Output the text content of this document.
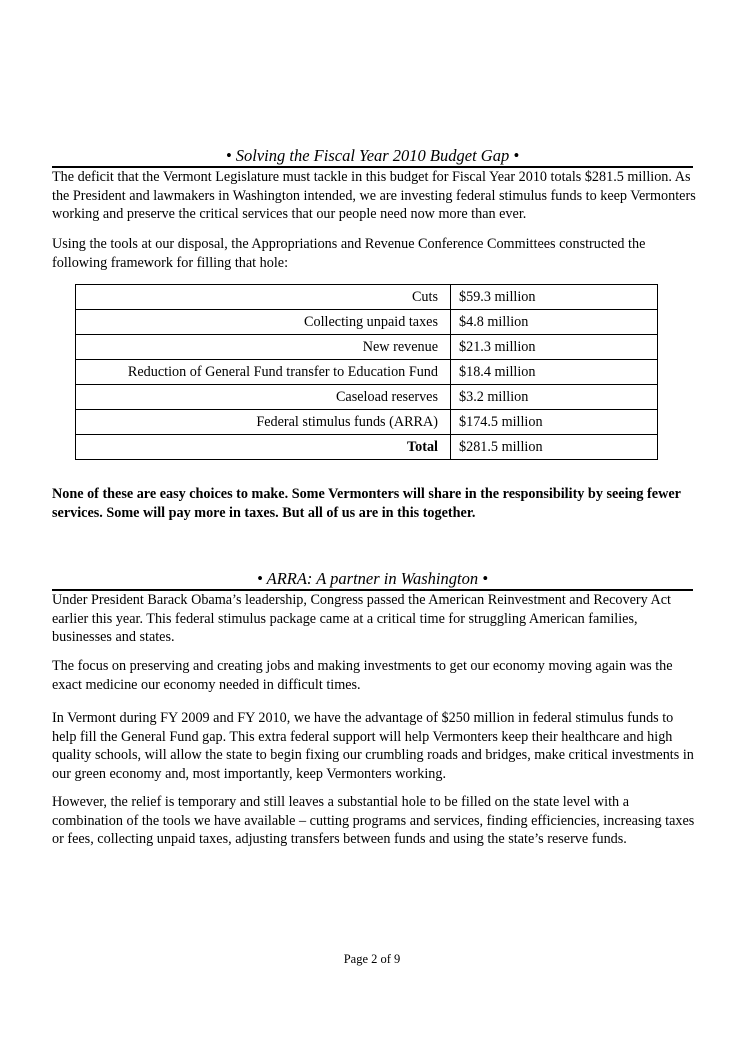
• Solving the Fiscal Year 2010 Budget Gap •

The deficit that the Vermont Legislature must tackle in this budget for Fiscal Year 2010 totals $281.5 million. As the President and lawmakers in Washington intended, we are investing federal stimulus funds to keep Vermonters working and preserve the critical services that our people need now more than ever.

Using the tools at our disposal, the Appropriations and Revenue Conference Committees constructed the following framework for filling that hole:

Cuts	$59.3 million
Collecting unpaid taxes	$4.8 million
New revenue	$21.3 million
Reduction of General Fund transfer to Education Fund	$18.4 million
Caseload reserves	$3.2 million
Federal stimulus funds (ARRA)	$174.5 million
Total	$281.5 million

None of these are easy choices to make. Some Vermonters will share in the responsibility by seeing fewer services. Some will pay more in taxes. But all of us are in this together.

• ARRA: A partner in Washington •

Under President Barack Obama’s leadership, Congress passed the American Reinvestment and Recovery Act earlier this year. This federal stimulus package came at a critical time for struggling American families, businesses and states.

The focus on preserving and creating jobs and making investments to get our economy moving again was the exact medicine our economy needed in difficult times.

In Vermont during FY 2009 and FY 2010, we have the advantage of $250 million in federal stimulus funds to help fill the General Fund gap. This extra federal support will help Vermonters keep their healthcare and high quality schools, will allow the state to begin fixing our crumbling roads and bridges, make critical investments in our green economy and, most importantly, keep Vermonters working.

However, the relief is temporary and still leaves a substantial hole to be filled on the state level with a combination of the tools we have available – cutting programs and services, finding efficiencies, increasing taxes or fees, collecting unpaid taxes, adjusting transfers between funds and using the state’s reserve funds.

Page 2 of 9
